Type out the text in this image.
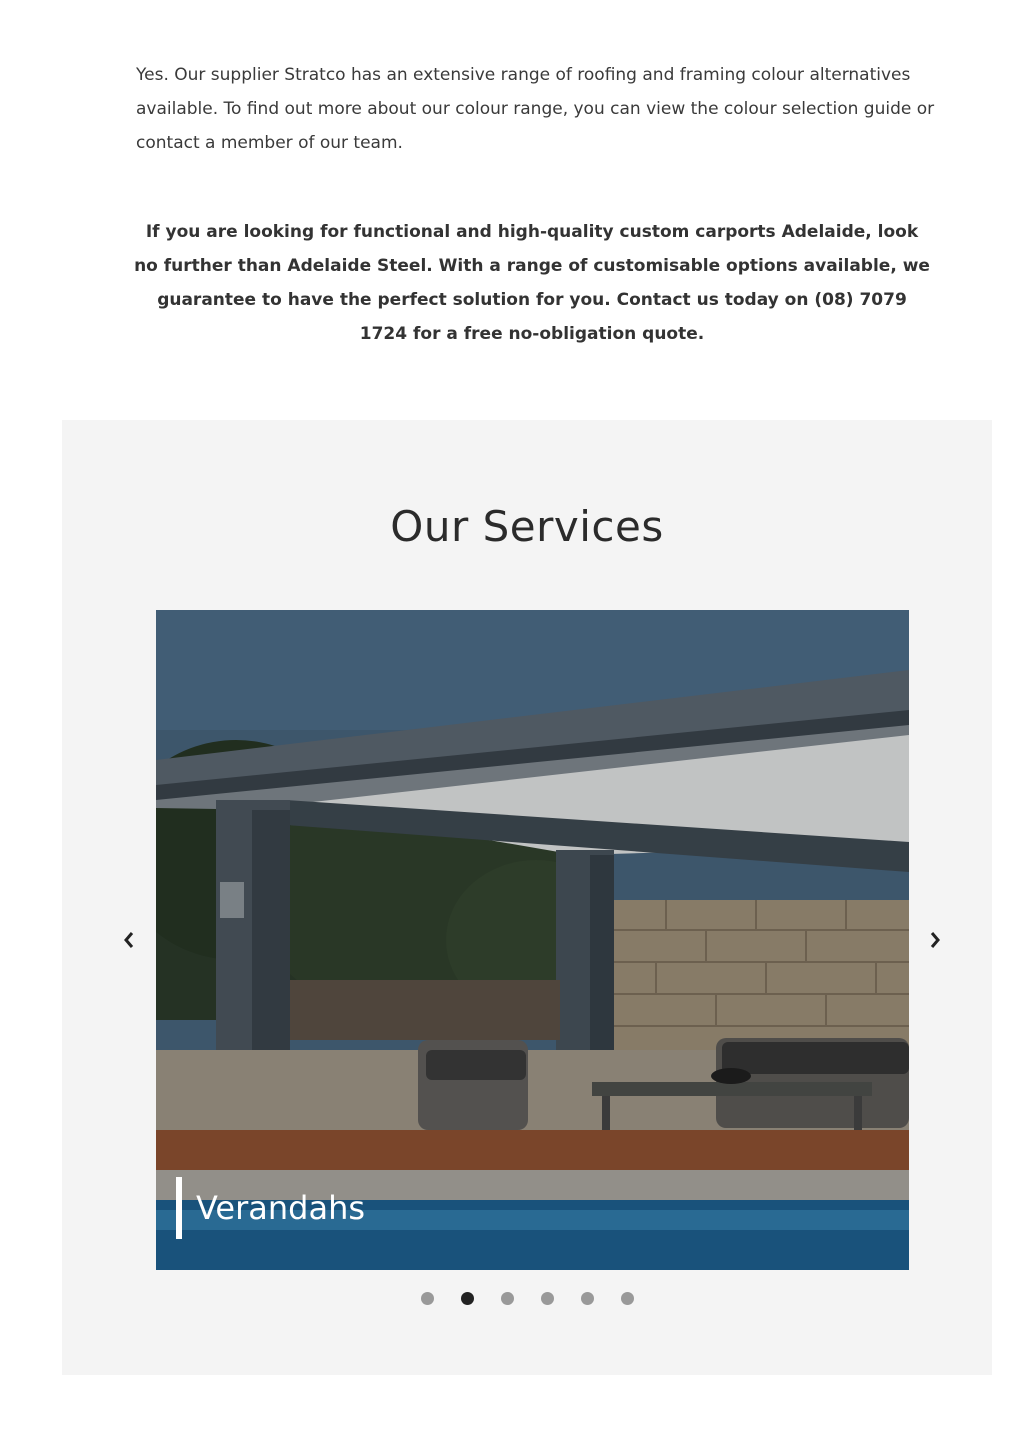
Yes. Our supplier Stratco has an extensive range of roofing and framing colour alternatives available. To find out more about our colour range, you can view the colour selection guide or contact a member of our team.

If you are looking for functional and high-quality custom carports Adelaide, look no further than Adelaide Steel. With a range of customisable options available, we guarantee to have the perfect solution for you. Contact us today on (08) 7079 1724 for a free no-obligation quote.

Our Services
Verandahs
